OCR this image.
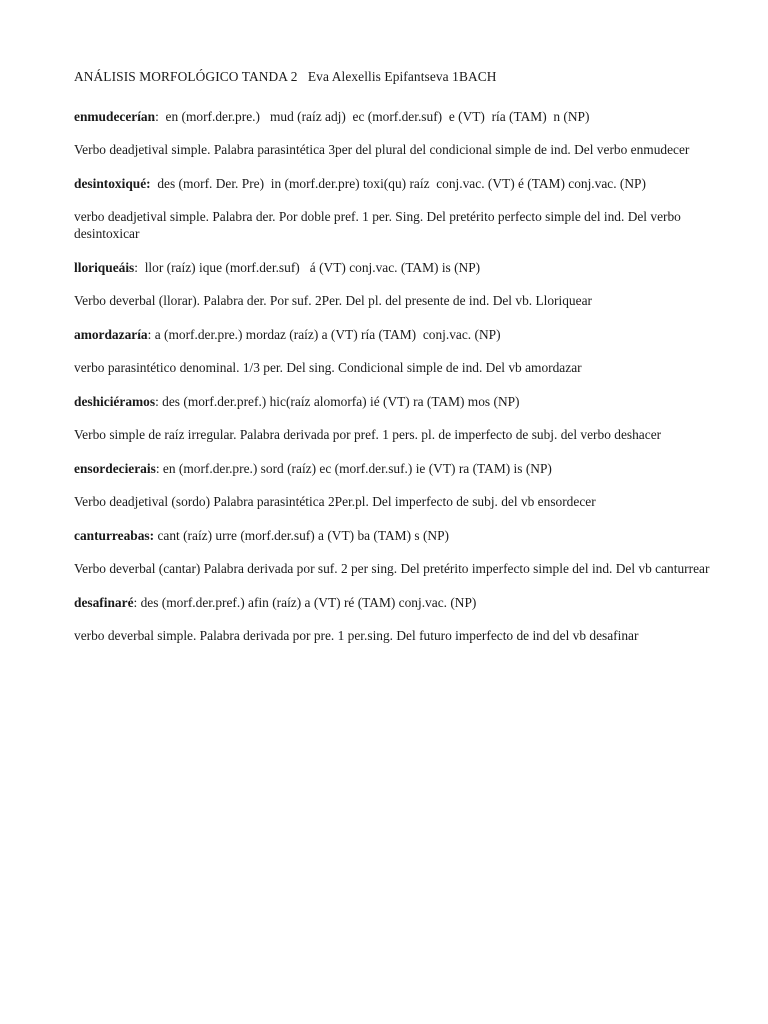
ANÁLISIS MORFOLÓGICO TANDA 2   Eva Alexellis Epifantseva 1BACH

enmudecerían:  en (morf.der.pre.)   mud (raíz adj)  ec (morf.der.suf)  e (VT)  ría (TAM)  n (NP)

Verbo deadjetival simple. Palabra parasintética 3per del plural del condicional simple de ind. Del verbo enmudecer

desintoxiqué:  des (morf. Der. Pre)  in (morf.der.pre) toxi(qu) raíz  conj.vac. (VT) é (TAM) conj.vac. (NP)

verbo deadjetival simple. Palabra der. Por doble pref. 1 per. Sing. Del pretérito perfecto simple del ind. Del verbo desintoxicar

lloriqueáis:  llor (raíz) ique (morf.der.suf)   á (VT) conj.vac. (TAM) is (NP)

Verbo deverbal (llorar). Palabra der. Por suf. 2Per. Del pl. del presente de ind. Del vb. Lloriquear

amordazaría: a (morf.der.pre.) mordaz (raíz) a (VT) ría (TAM)  conj.vac. (NP)

verbo parasintético denominal. 1/3 per. Del sing. Condicional simple de ind. Del vb amordazar

deshiciéramos: des (morf.der.pref.) hic(raíz alomorfa) ié (VT) ra (TAM) mos (NP)

Verbo simple de raíz irregular. Palabra derivada por pref. 1 pers. pl. de imperfecto de subj. del verbo deshacer

ensordecierais: en (morf.der.pre.) sord (raíz) ec (morf.der.suf.) ie (VT) ra (TAM) is (NP)

Verbo deadjetival (sordo) Palabra parasintética 2Per.pl. Del imperfecto de subj. del vb ensordecer

canturreabas: cant (raíz) urre (morf.der.suf) a (VT) ba (TAM) s (NP)

Verbo deverbal (cantar) Palabra derivada por suf. 2 per sing. Del pretérito imperfecto simple del ind. Del vb canturrear

desafinaré: des (morf.der.pref.) afin (raíz) a (VT) ré (TAM) conj.vac. (NP)

verbo deverbal simple. Palabra derivada por pre. 1 per.sing. Del futuro imperfecto de ind del vb desafinar
